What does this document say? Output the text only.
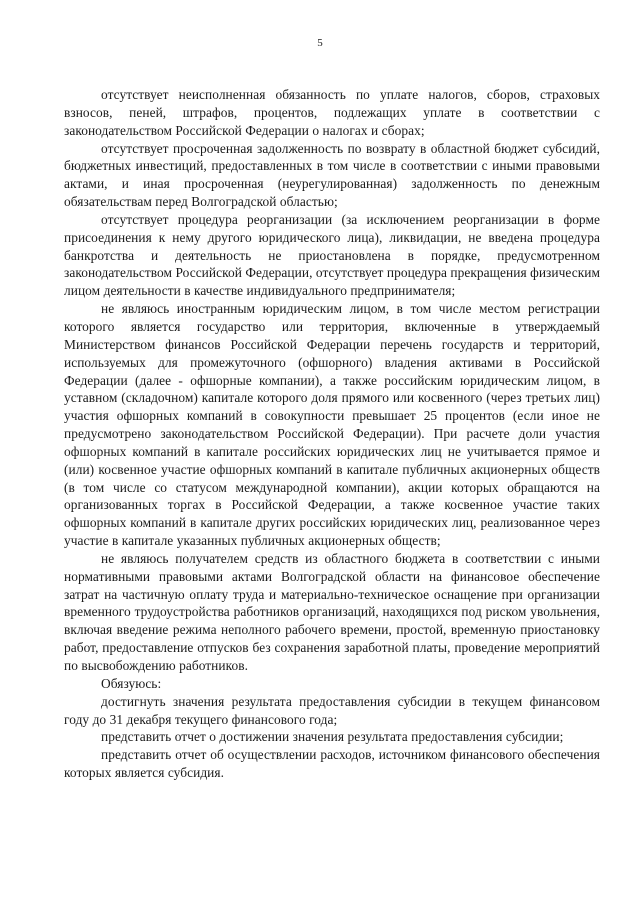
5

отсутствует неисполненная обязанность по уплате налогов, сборов, страховых взносов, пеней, штрафов, процентов, подлежащих уплате в соответствии с законодательством Российской Федерации о налогах и сборах;

отсутствует просроченная задолженность по возврату в областной бюджет субсидий, бюджетных инвестиций, предоставленных в том числе в соответствии с иными правовыми актами, и иная просроченная (неурегулированная) задолженность по денежным обязательствам перед Волгоградской областью;

отсутствует процедура реорганизации (за исключением реорганизации в форме присоединения к нему другого юридического лица), ликвидации, не введена процедура банкротства и деятельность не приостановлена в порядке, предусмотренном законодательством Российской Федерации, отсутствует процедура прекращения физическим лицом деятельности в качестве индивидуального предпринимателя;

не являюсь иностранным юридическим лицом, в том числе местом регистрации которого является государство или территория, включенные в утверждаемый Министерством финансов Российской Федерации перечень государств и территорий, используемых для промежуточного (офшорного) владения активами в Российской Федерации (далее - офшорные компании), а также российским юридическим лицом, в уставном (складочном) капитале которого доля прямого или косвенного (через третьих лиц) участия офшорных компаний в совокупности превышает 25 процентов (если иное не предусмотрено законодательством Российской Федерации). При расчете доли участия офшорных компаний в капитале российских юридических лиц не учитывается прямое и (или) косвенное участие офшорных компаний в капитале публичных акционерных обществ (в том числе со статусом международной компании), акции которых обращаются на организованных торгах в Российской Федерации, а также косвенное участие таких офшорных компаний в капитале других российских юридических лиц, реализованное через участие в капитале указанных публичных акционерных обществ;

не являюсь получателем средств из областного бюджета в соответствии с иными нормативными правовыми актами Волгоградской области на финансовое обеспечение затрат на частичную оплату труда и материально-техническое оснащение при организации временного трудоустройства работников организаций, находящихся под риском увольнения, включая введение режима неполного рабочего времени, простой, временную приостановку работ, предоставление отпусков без сохранения заработной платы, проведение мероприятий по высвобождению работников.

Обязуюсь:

достигнуть значения результата предоставления субсидии в текущем финансовом году до 31 декабря текущего финансового года;

представить отчет о достижении значения результата предоставления субсидии;

представить отчет об осуществлении расходов, источником финансового обеспечения которых является субсидия.
